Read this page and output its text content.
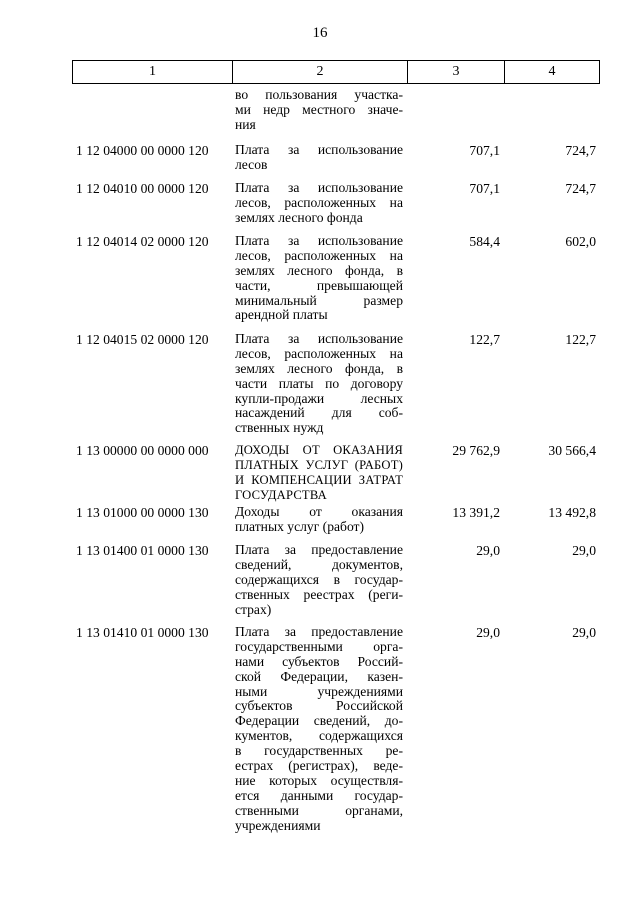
16
1	2	3	4
во пользования участка-
ми недр местного значе-
ния
1 12 04000 00 0000 120	Плата за использование
лесов
707,1	724,7
1 12 04010 00 0000 120	Плата за использование
лесов, расположенных на
землях лесного фонда
707,1	724,7
1 12 04014 02 0000 120	Плата за использование
лесов, расположенных на
землях лесного фонда, в
части, превышающей
минимальный размер
арендной платы
584,4	602,0
1 12 04015 02 0000 120	Плата за использование
лесов, расположенных на
землях лесного фонда, в
части платы по договору
купли-продажи лесных
насаждений для соб-
ственных нужд
122,7	122,7
1 13 00000 00 0000 000	ДОХОДЫ ОТ ОКАЗАНИЯ
ПЛАТНЫХ УСЛУГ (РАБОТ)
И КОМПЕНСАЦИИ ЗАТРАТ
ГОСУДАРСТВА
29 762,9	30 566,4
1 13 01000 00 0000 130	Доходы от оказания
платных услуг (работ)
13 391,2	13 492,8
1 13 01400 01 0000 130	Плата за предоставление
сведений, документов,
содержащихся в государ-
ственных реестрах (реги-
страх)
29,0	29,0
1 13 01410 01 0000 130	Плата за предоставление
государственными орга-
нами субъектов Россий-
ской Федерации, казен-
ными учреждениями
субъектов Российской
Федерации сведений, до-
кументов, содержащихся
в государственных ре-
естрах (регистрах), веде-
ние которых осуществля-
ется данными государ-
ственными органами,
учреждениями
29,0	29,0
